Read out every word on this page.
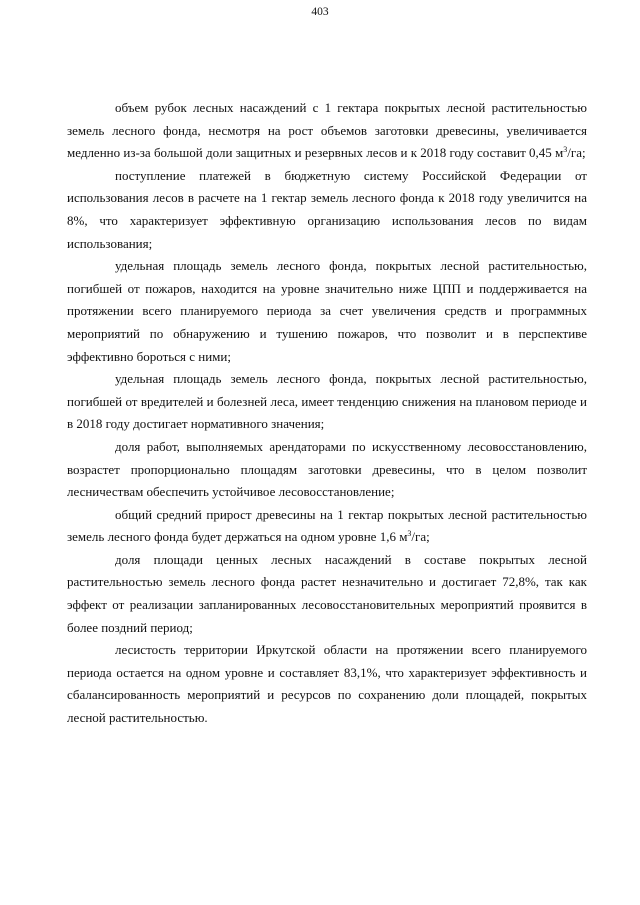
403

объем рубок лесных насаждений с 1 гектара покрытых лесной растительностью земель лесного фонда, несмотря на рост объемов заготовки древесины, увеличивается медленно из-за большой доли защитных и резервных лесов и к 2018 году составит 0,45 $м^3/га$;

поступление платежей в бюджетную систему Российской Федерации от использования лесов в расчете на 1 гектар земель лесного фонда к 2018 году увеличится на 8%, что характеризует эффективную организацию использования лесов по видам использования;

удельная площадь земель лесного фонда, покрытых лесной растительностью, погибшей от пожаров, находится на уровне значительно ниже ЦПП и поддерживается на протяжении всего планируемого периода за счет увеличения средств и программных мероприятий по обнаружению и тушению пожаров, что позволит и в перспективе эффективно бороться с ними;

удельная площадь земель лесного фонда, покрытых лесной растительностью, погибшей от вредителей и болезней леса, имеет тенденцию снижения на плановом периоде и в 2018 году достигает нормативного значения;

доля работ, выполняемых арендаторами по искусственному лесовосстановлению, возрастет пропорционально площадям заготовки древесины, что в целом позволит лесничествам обеспечить устойчивое лесовосстановление;

общий средний прирост древесины на 1 гектар покрытых лесной растительностью земель лесного фонда будет держаться на одном уровне 1,6 $м^3/га$;

доля площади ценных лесных насаждений в составе покрытых лесной растительностью земель лесного фонда растет незначительно и достигает 72,8%, так как эффект от реализации запланированных лесовосстановительных мероприятий проявится в более поздний период;

лесистость территории Иркутской области на протяжении всего планируемого периода остается на одном уровне и составляет 83,1%, что характеризует эффективность и сбалансированность мероприятий и ресурсов по сохранению доли площадей, покрытых лесной растительностью.
